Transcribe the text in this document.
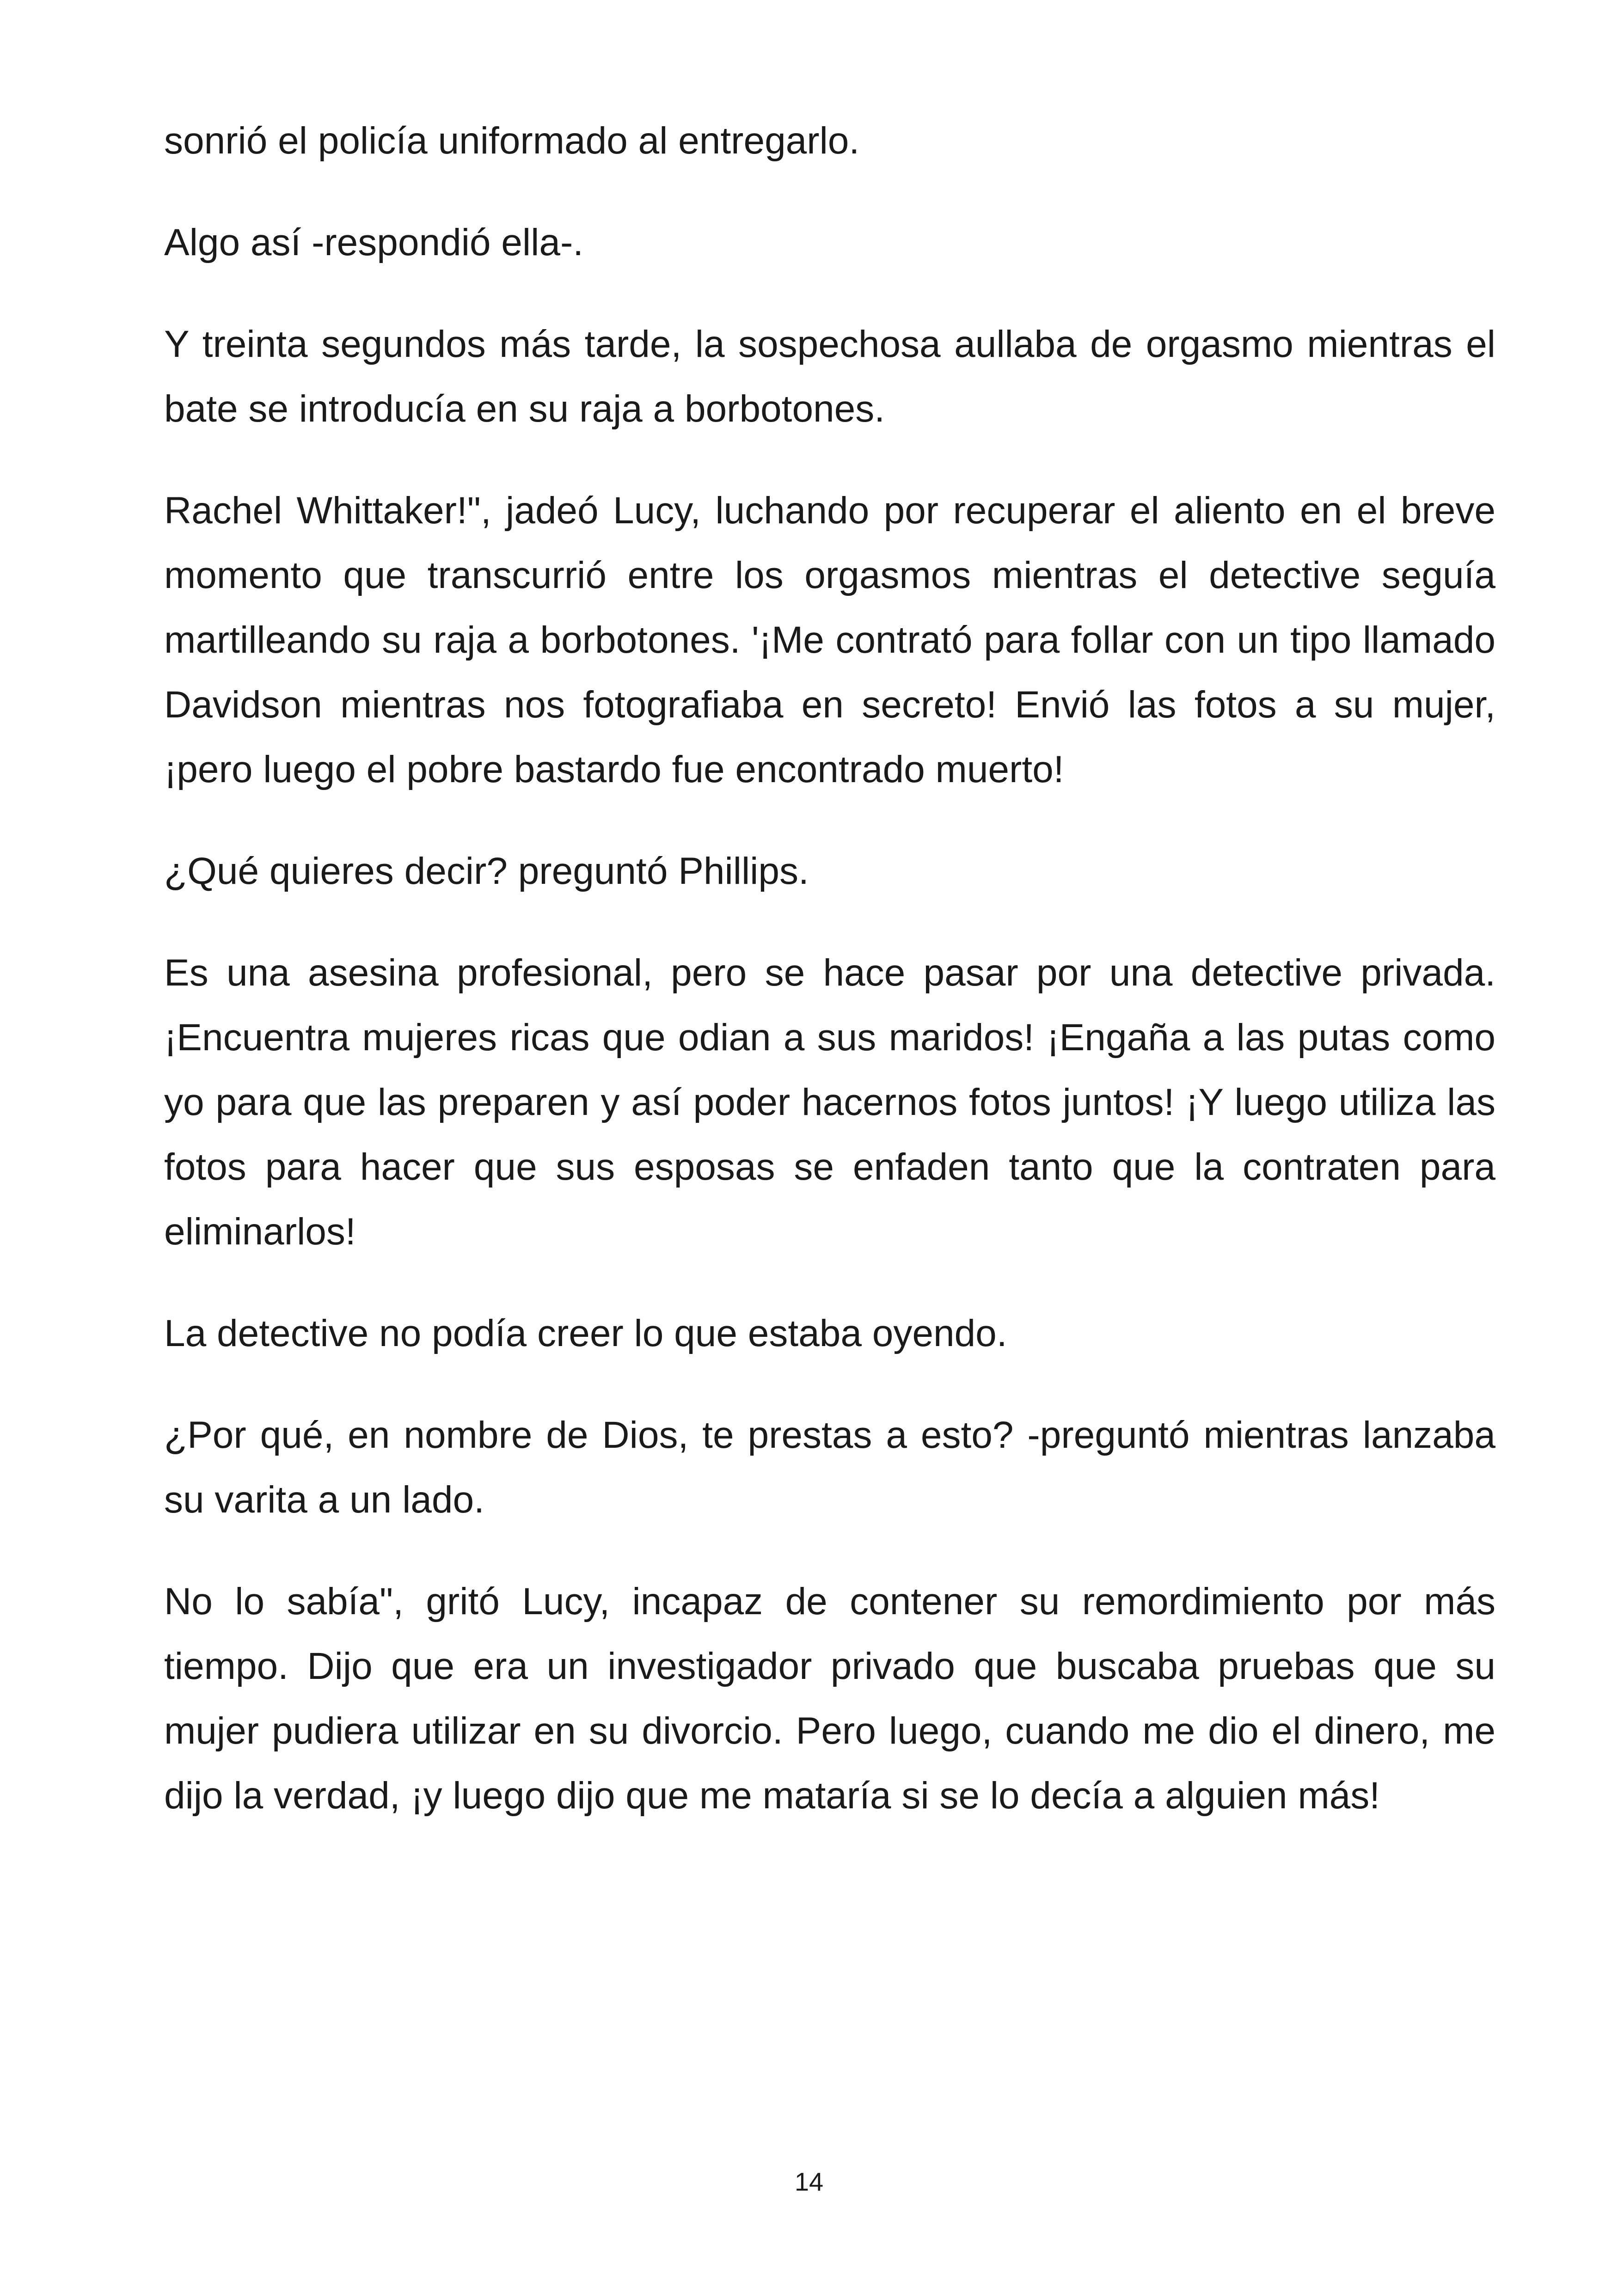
sonrió el policía uniformado al entregarlo.

Algo así -respondió ella-.

Y treinta segundos más tarde, la sospechosa aullaba de orgasmo mientras el bate se introducía en su raja a borbotones.

Rachel Whittaker!", jadeó Lucy, luchando por recuperar el aliento en el breve momento que transcurrió entre los orgasmos mientras el detective seguía martilleando su raja a borbotones. '¡Me contrató para follar con un tipo llamado Davidson mientras nos fotografiaba en secreto! Envió las fotos a su mujer, ¡pero luego el pobre bastardo fue encontrado muerto!

¿Qué quieres decir? preguntó Phillips.

Es una asesina profesional, pero se hace pasar por una detective privada. ¡Encuentra mujeres ricas que odian a sus maridos! ¡Engaña a las putas como yo para que las preparen y así poder hacernos fotos juntos! ¡Y luego utiliza las fotos para hacer que sus esposas se enfaden tanto que la contraten para eliminarlos!

La detective no podía creer lo que estaba oyendo.

¿Por qué, en nombre de Dios, te prestas a esto? -preguntó mientras lanzaba su varita a un lado.

No lo sabía", gritó Lucy, incapaz de contener su remordimiento por más tiempo. Dijo que era un investigador privado que buscaba pruebas que su mujer pudiera utilizar en su divorcio. Pero luego, cuando me dio el dinero, me dijo la verdad, ¡y luego dijo que me mataría si se lo decía a alguien más!

14
